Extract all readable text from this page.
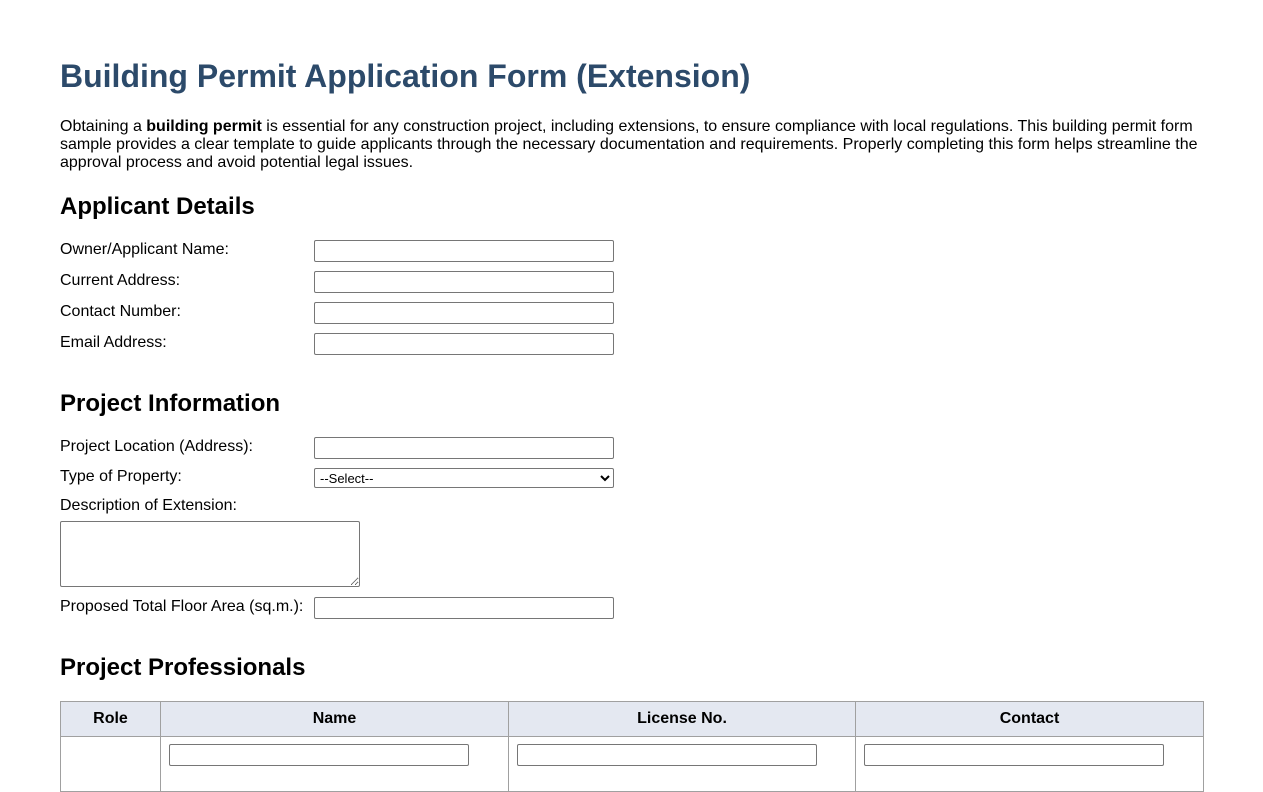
Building Permit Application Form (Extension)

Obtaining a building permit is essential for any construction project, including extensions, to ensure compliance with local regulations. This building permit form sample provides a clear template to guide applicants through the necessary documentation and requirements. Properly completing this form helps streamline the approval process and avoid potential legal issues.

Applicant Details
Owner/Applicant Name:
Current Address:
Contact Number:
Email Address:
Project Information
Project Location (Address):
Type of Property:
--Select--
Description of Extension:
Proposed Total Floor Area (sq.m.):
Project Professionals
Role	Name	License No.	Contact
